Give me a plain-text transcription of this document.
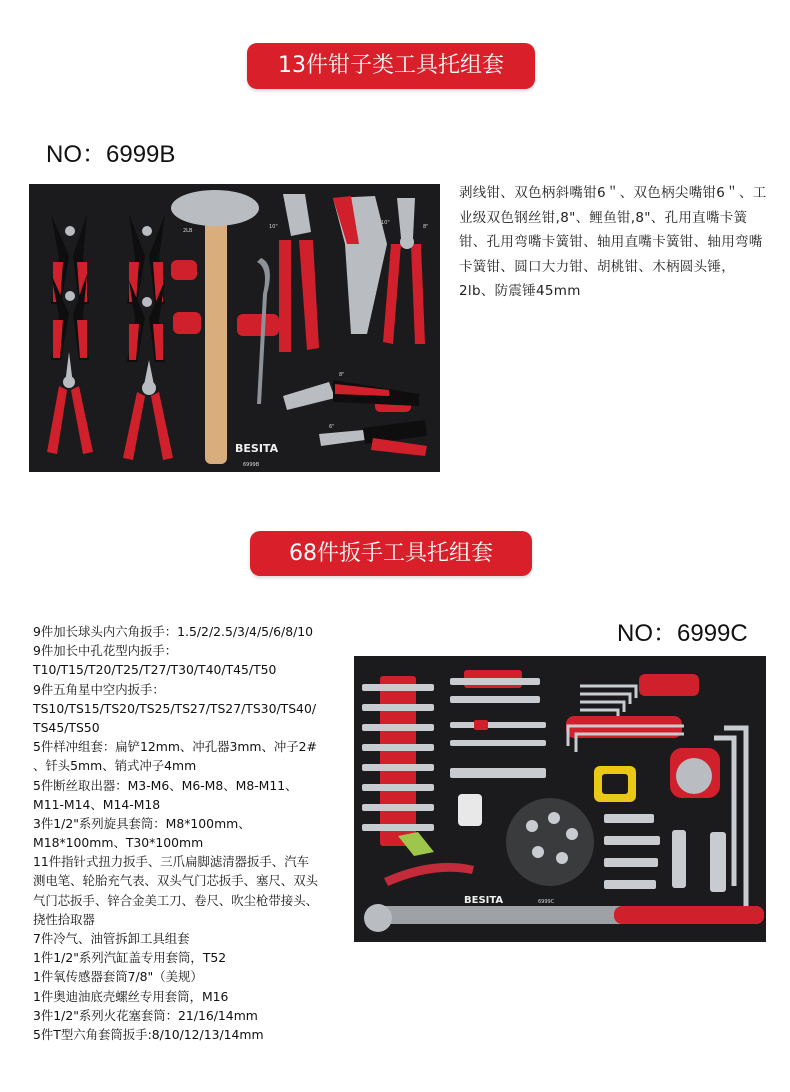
13件钳子类工具托组套
NO：6999B
2LB
10"
10"
8"
8"
6"
BESITA
6999B
剥线钳、双色柄斜嘴钳6＂、双色柄尖嘴钳6＂、工业级双色钢丝钳,8"、鲤鱼钳,8"、孔用直嘴卡簧钳、孔用弯嘴卡簧钳、轴用直嘴卡簧钳、轴用弯嘴卡簧钳、圆口大力钳、胡桃钳、木柄圆头锤，2lb、防震锤45mm
68件扳手工具托组套
NO：6999C
9件加长球头内六角扳手：1.5/2/2.5/3/4/5/6/8/10
9件加长中孔花型内扳手：
T10/T15/T20/T25/T27/T30/T40/T45/T50
9件五角星中空内扳手：
TS10/TS15/TS20/TS25/TS27/TS27/TS30/TS40/
TS45/TS50
5件样冲组套：扁铲12mm、冲孔器3mm、冲子2#
、钎头5mm、销式冲子4mm
5件断丝取出器：M3-M6、M6-M8、M8-M11、
M11-M14、M14-M18
3件1/2"系列旋具套筒：M8*100mm、
M18*100mm、T30*100mm
11件指针式扭力扳手、三爪扁脚滤清器扳手、汽车
测电笔、轮胎充气表、双头气门芯扳手、塞尺、双头
气门芯扳手、锌合金美工刀、卷尺、吹尘枪带接头、
挠性拾取器
7件冷气、油管拆卸工具组套
1件1/2"系列汽缸盖专用套筒，T52
1件氧传感器套筒7/8"（美规）
1件奥迪油底壳螺丝专用套筒，M16
3件1/2"系列火花塞套筒：21/16/14mm
5件T型六角套筒扳手:8/10/12/13/14mm
BESITA	6999C
